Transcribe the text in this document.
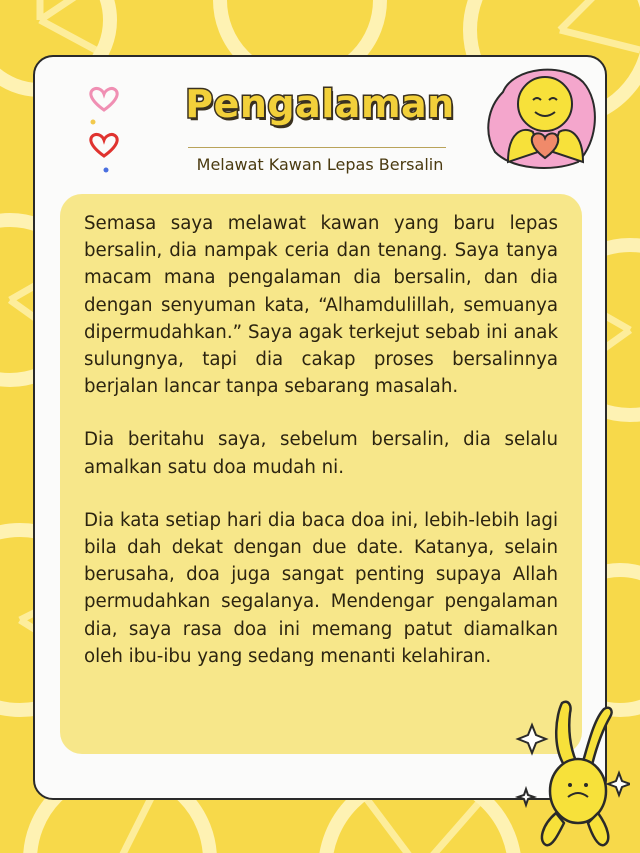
Pengalaman
Melawat Kawan Lepas Bersalin

Semasa saya melawat kawan yang baru lepas bersalin, dia nampak ceria dan tenang. Saya tanya macam mana pengalaman dia bersalin, dan dia dengan senyuman kata, “Alhamdulillah, semuanya dipermudahkan.” Saya agak terkejut sebab ini anak sulungnya, tapi dia cakap proses bersalinnya berjalan lancar tanpa sebarang masalah.

Dia beritahu saya, sebelum bersalin, dia selalu amalkan satu doa mudah ni.

Dia kata setiap hari dia baca doa ini, lebih-lebih lagi bila dah dekat dengan due date. Katanya, selain berusaha, doa juga sangat penting supaya Allah permudahkan segalanya. Mendengar pengalaman dia, saya rasa doa ini memang patut diamalkan oleh ibu-ibu yang sedang menanti kelahiran.
